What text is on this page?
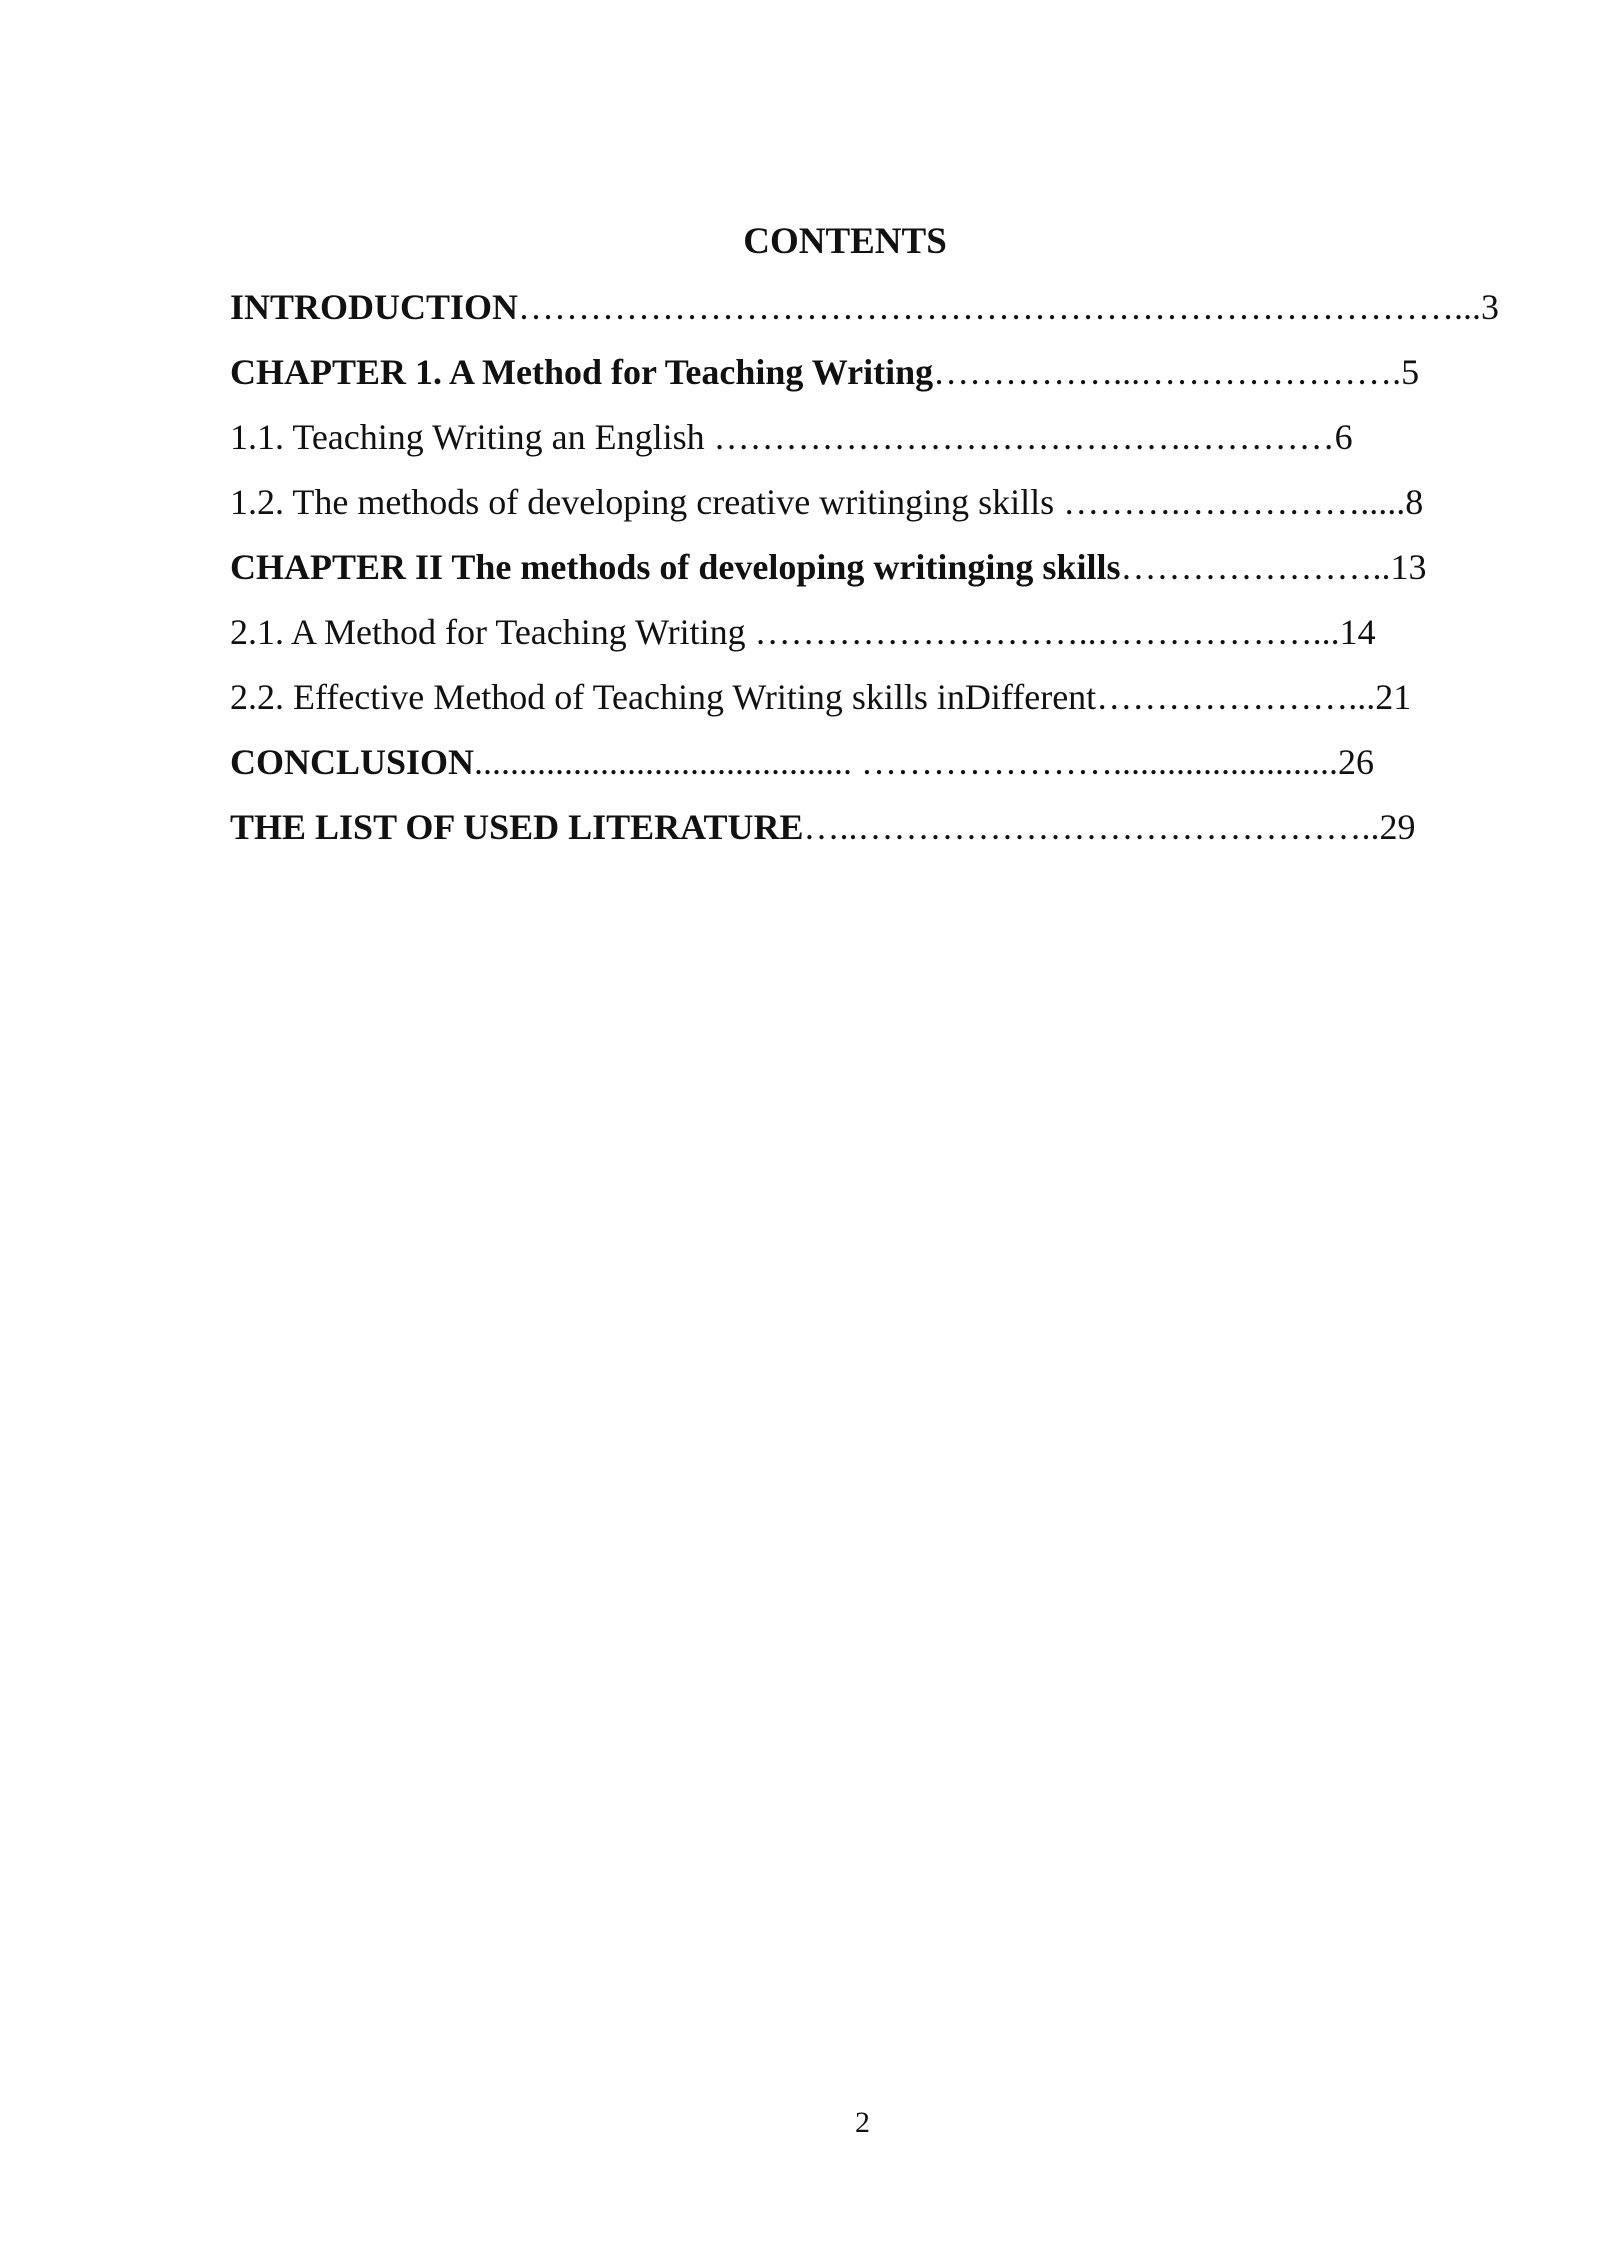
CONTENTS
INTRODUCTION……………………………………………………………………...3
CHAPTER 1. A Method for Teaching Writing……………...………………….5
1.1. Teaching Writing an English ………………………………….…………6
1.2. The methods of developing creative writinging skills ……….…………….....8
CHAPTER II The methods of developing writinging skills…………………..13
2.1. A Method for Teaching Writing ………………………..………………...14
2.2. Effective Method of Teaching Writing skills inDifferent…………………...21
CONCLUSION.......................................... ………………….........................26
THE LIST OF USED LITERATURE…..……………………………………..29
2
